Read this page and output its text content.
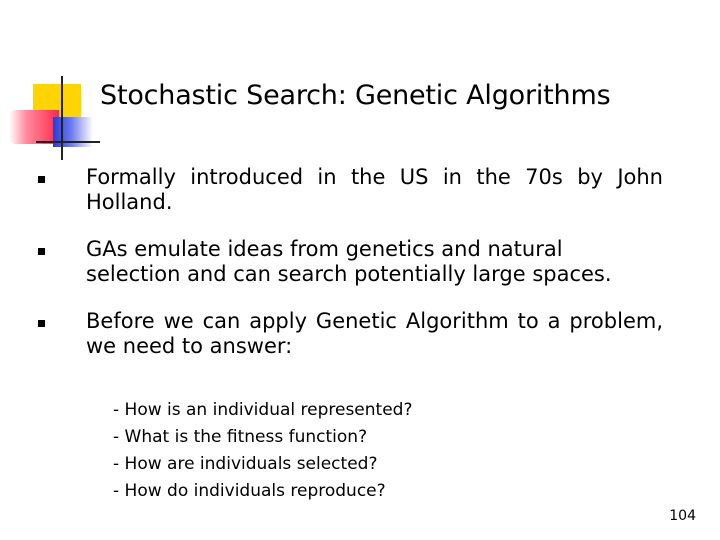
Stochastic Search: Genetic Algorithms
Formally introduced in the US in the 70s by John Holland.
GAs emulate ideas from genetics and natural selection and can search potentially large spaces.
Before we can apply Genetic Algorithm to a problem, we need to answer:
- How is an individual represented?
- What is the fitness function?
- How are individuals selected?
- How do individuals reproduce?
104
